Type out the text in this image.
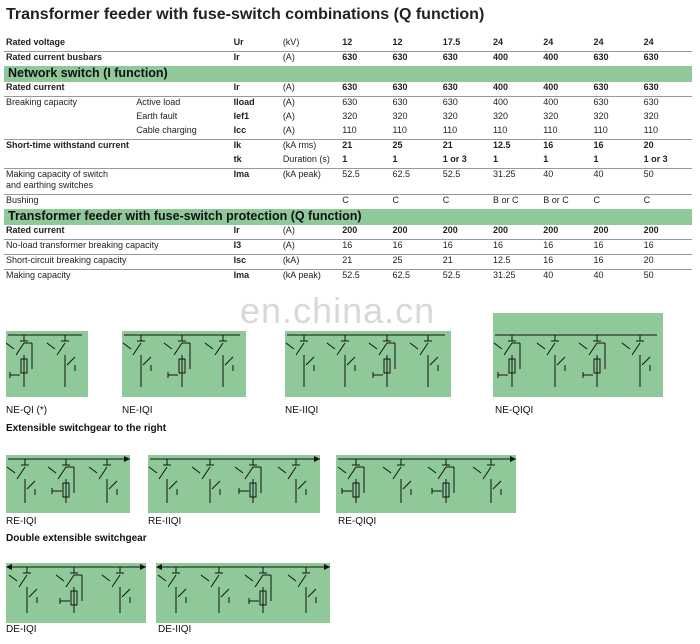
Transformer feeder with fuse-switch combinations (Q function)
Rated voltage		Ur	(kV)	12	12	17.5	24	24	24	24
Rated current busbars		Ir	(A)	630	630	630	400	400	630	630
Network switch (I function)										
Rated current		Ir	(A)	630	630	630	400	400	630	630
Breaking capacity	Active load	Iload	(A)	630	630	630	400	400	630	630
	Earth fault	Ief1	(A)	320	320	320	320	320	320	320
	Cable charging	Icc	(A)	110	110	110	110	110	110	110
Short-time withstand current		Ik	(kA rms)	21	25	21	12.5	16	16	20
		tk	Duration (s)	1	1	1 or 3	1	1	1	1 or 3
Making capacity of switch
and earthing switches		Ima	(kA peak)	52.5	62.5	52.5	31.25	40	40	50
Bushing				C	C	C	B or C	B or C	C	C
Transformer feeder with fuse-switch protection (Q function)										
Rated current		Ir	(A)	200	200	200	200	200	200	200
No-load transformer breaking capacity		I3	(A)	16	16	16	16	16	16	16
Short-circuit breaking capacity		Isc	(kA)	21	25	21	12.5	16	16	20
Making capacity		Ima	(kA peak)	52.5	62.5	52.5	31.25	40	40	50
en.china.cn
NE-QI (*)	NE-IQI	NE-IIQI	NE-QIQI
Extensible switchgear to the right
RE-IQI	RE-IIQI	RE-QIQI
Double extensible switchgear
DE-IQI	DE-IIQI
